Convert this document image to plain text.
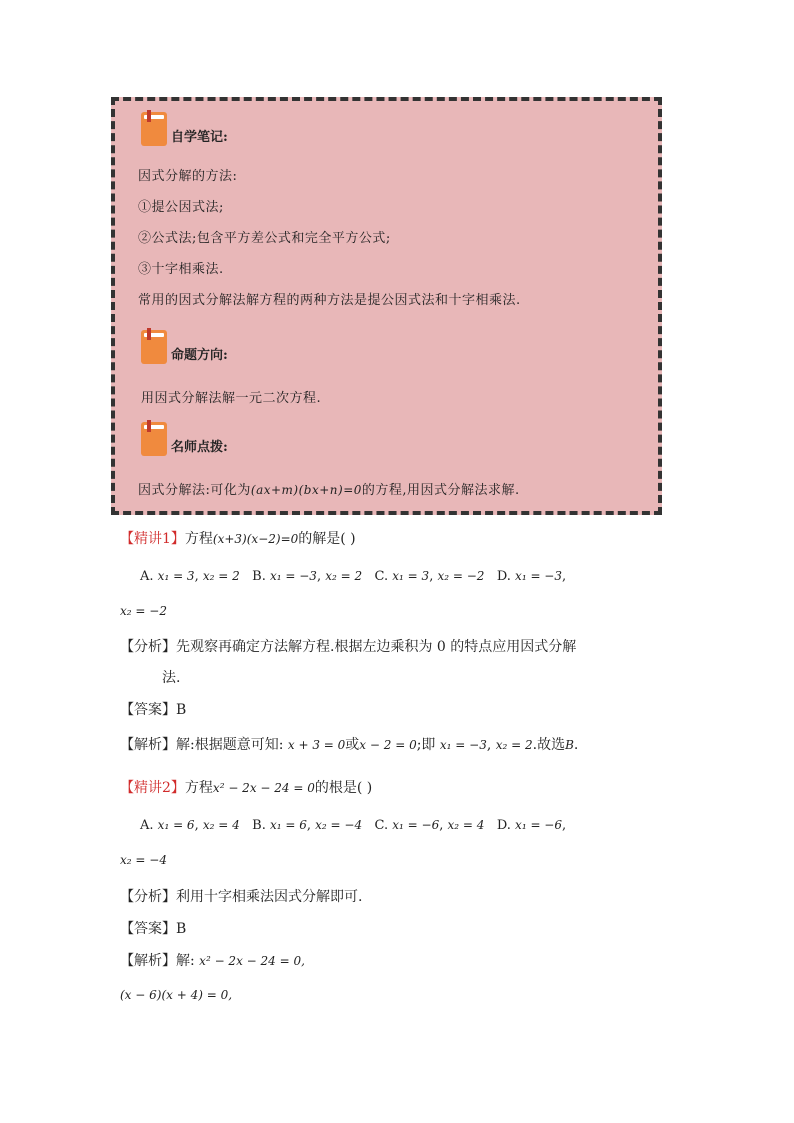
自学笔记:
因式分解的方法:
①提公因式法;
②公式法;包含平方差公式和完全平方公式;
③十字相乘法.
常用的因式分解法解方程的两种方法是提公因式法和十字相乘法.
命题方向:
用因式分解法解一元二次方程.
名师点拨:
因式分解法:可化为(ax+m)(bx+n)=0的方程,用因式分解法求解.
【精讲1】方程(x+3)(x−2)=0的解是( )
A. x₁ = 3, x₂ = 2 B. x₁ = −3, x₂ = 2 C. x₁ = 3, x₂ = −2 D. x₁ = −3,
x₂ = −2
【分析】先观察再确定方法解方程.根据左边乘积为 0 的特点应用因式分解
法.
【答案】B
【解析】解:根据题意可知: x + 3 = 0或x − 2 = 0;即 x₁ = −3, x₂ = 2.故选B.
【精讲2】方程x² − 2x − 24 = 0的根是( )
A. x₁ = 6, x₂ = 4 B. x₁ = 6, x₂ = −4 C. x₁ = −6, x₂ = 4 D. x₁ = −6,
x₂ = −4
【分析】利用十字相乘法因式分解即可.
【答案】B
【解析】解: x² − 2x − 24 = 0,
(x − 6)(x + 4) = 0,
